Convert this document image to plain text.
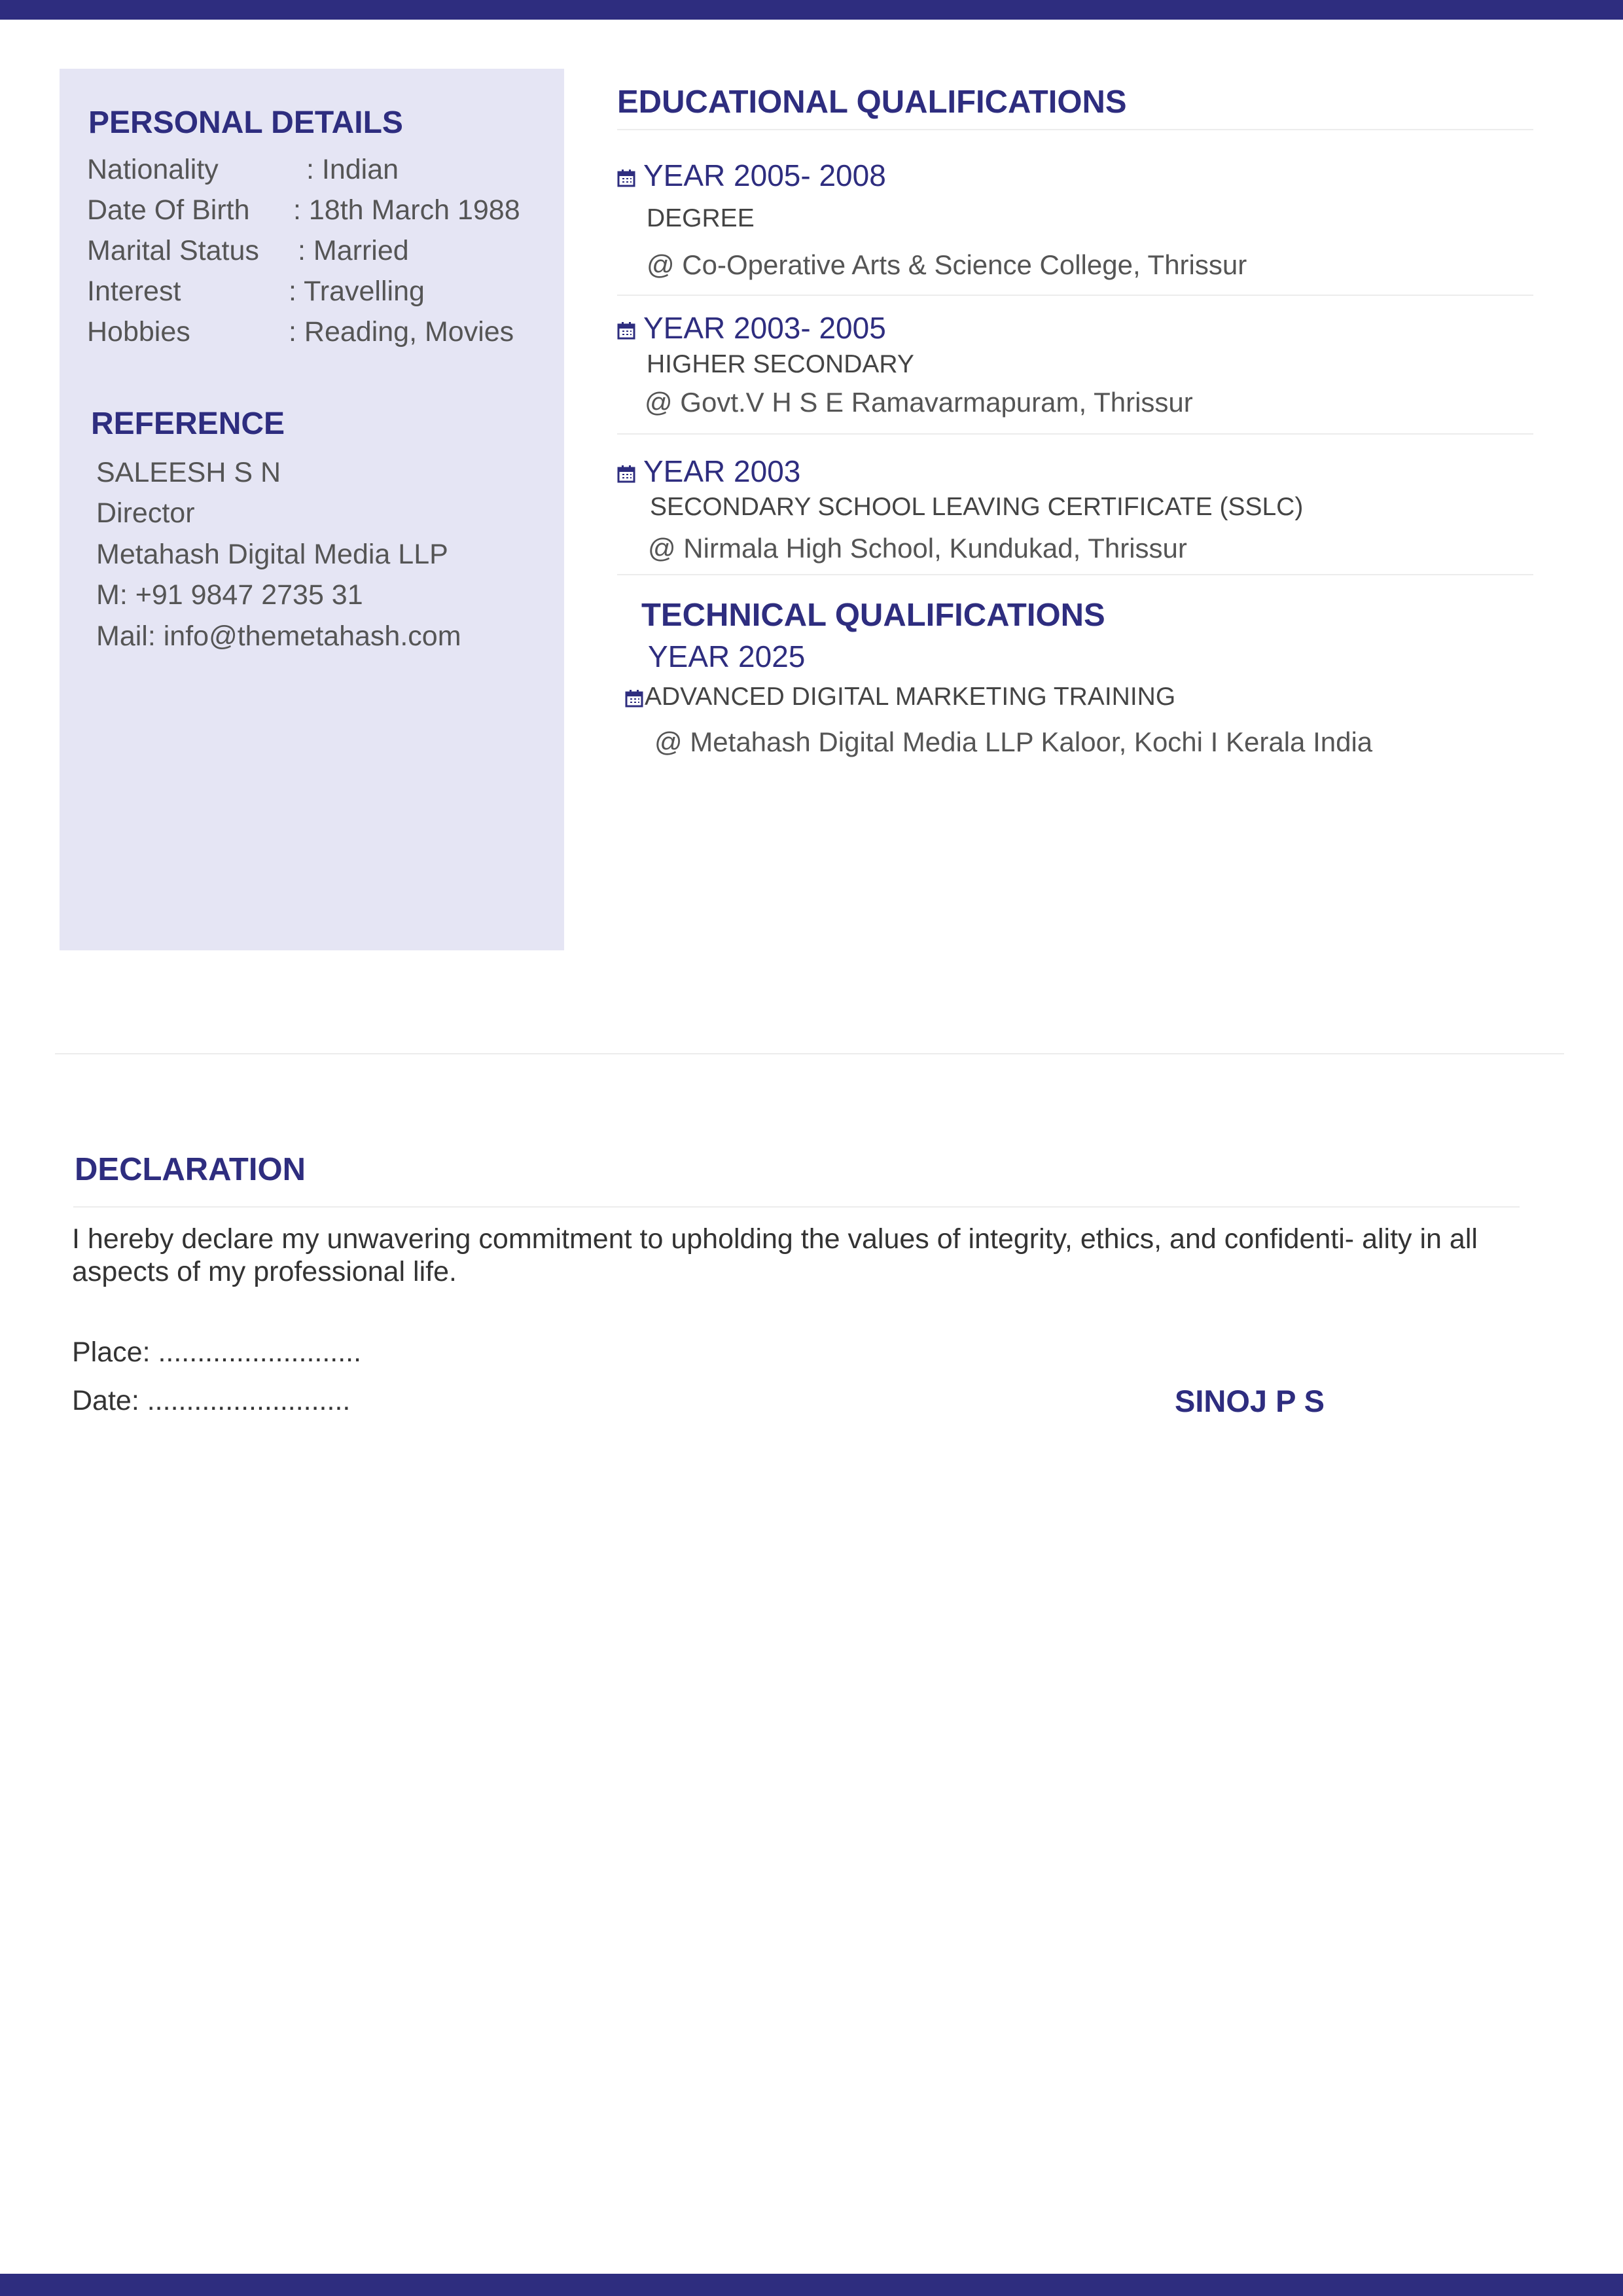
PERSONAL DETAILS
Nationality	: Indian
Date Of Birth : 18th March 1988
Marital Status : Married
Interest	: Travelling
Hobbies	: Reading, Movies
REFERENCE
SALEESH S N
Director
Metahash Digital Media LLP
M: +91 9847 2735 31
Mail: info@themetahash.com
EDUCATIONAL QUALIFICATIONS
YEAR 2005- 2008
DEGREE
@ Co-Operative Arts & Science College, Thrissur
YEAR 2003- 2005
HIGHER SECONDARY
@ Govt.V H S E Ramavarmapuram, Thrissur
YEAR 2003
SECONDARY SCHOOL LEAVING CERTIFICATE (SSLC)
@ Nirmala High School, Kundukad, Thrissur
TECHNICAL QUALIFICATIONS
YEAR 2025
ADVANCED DIGITAL MARKETING TRAINING
@ Metahash Digital Media LLP Kaloor, Kochi I Kerala India
DECLARATION
I hereby declare my unwavering commitment to upholding the values of integrity, ethics, and confidenti- ality in all aspects of my professional life.
Place: ..........................
Date: ..........................	SINOJ P S
